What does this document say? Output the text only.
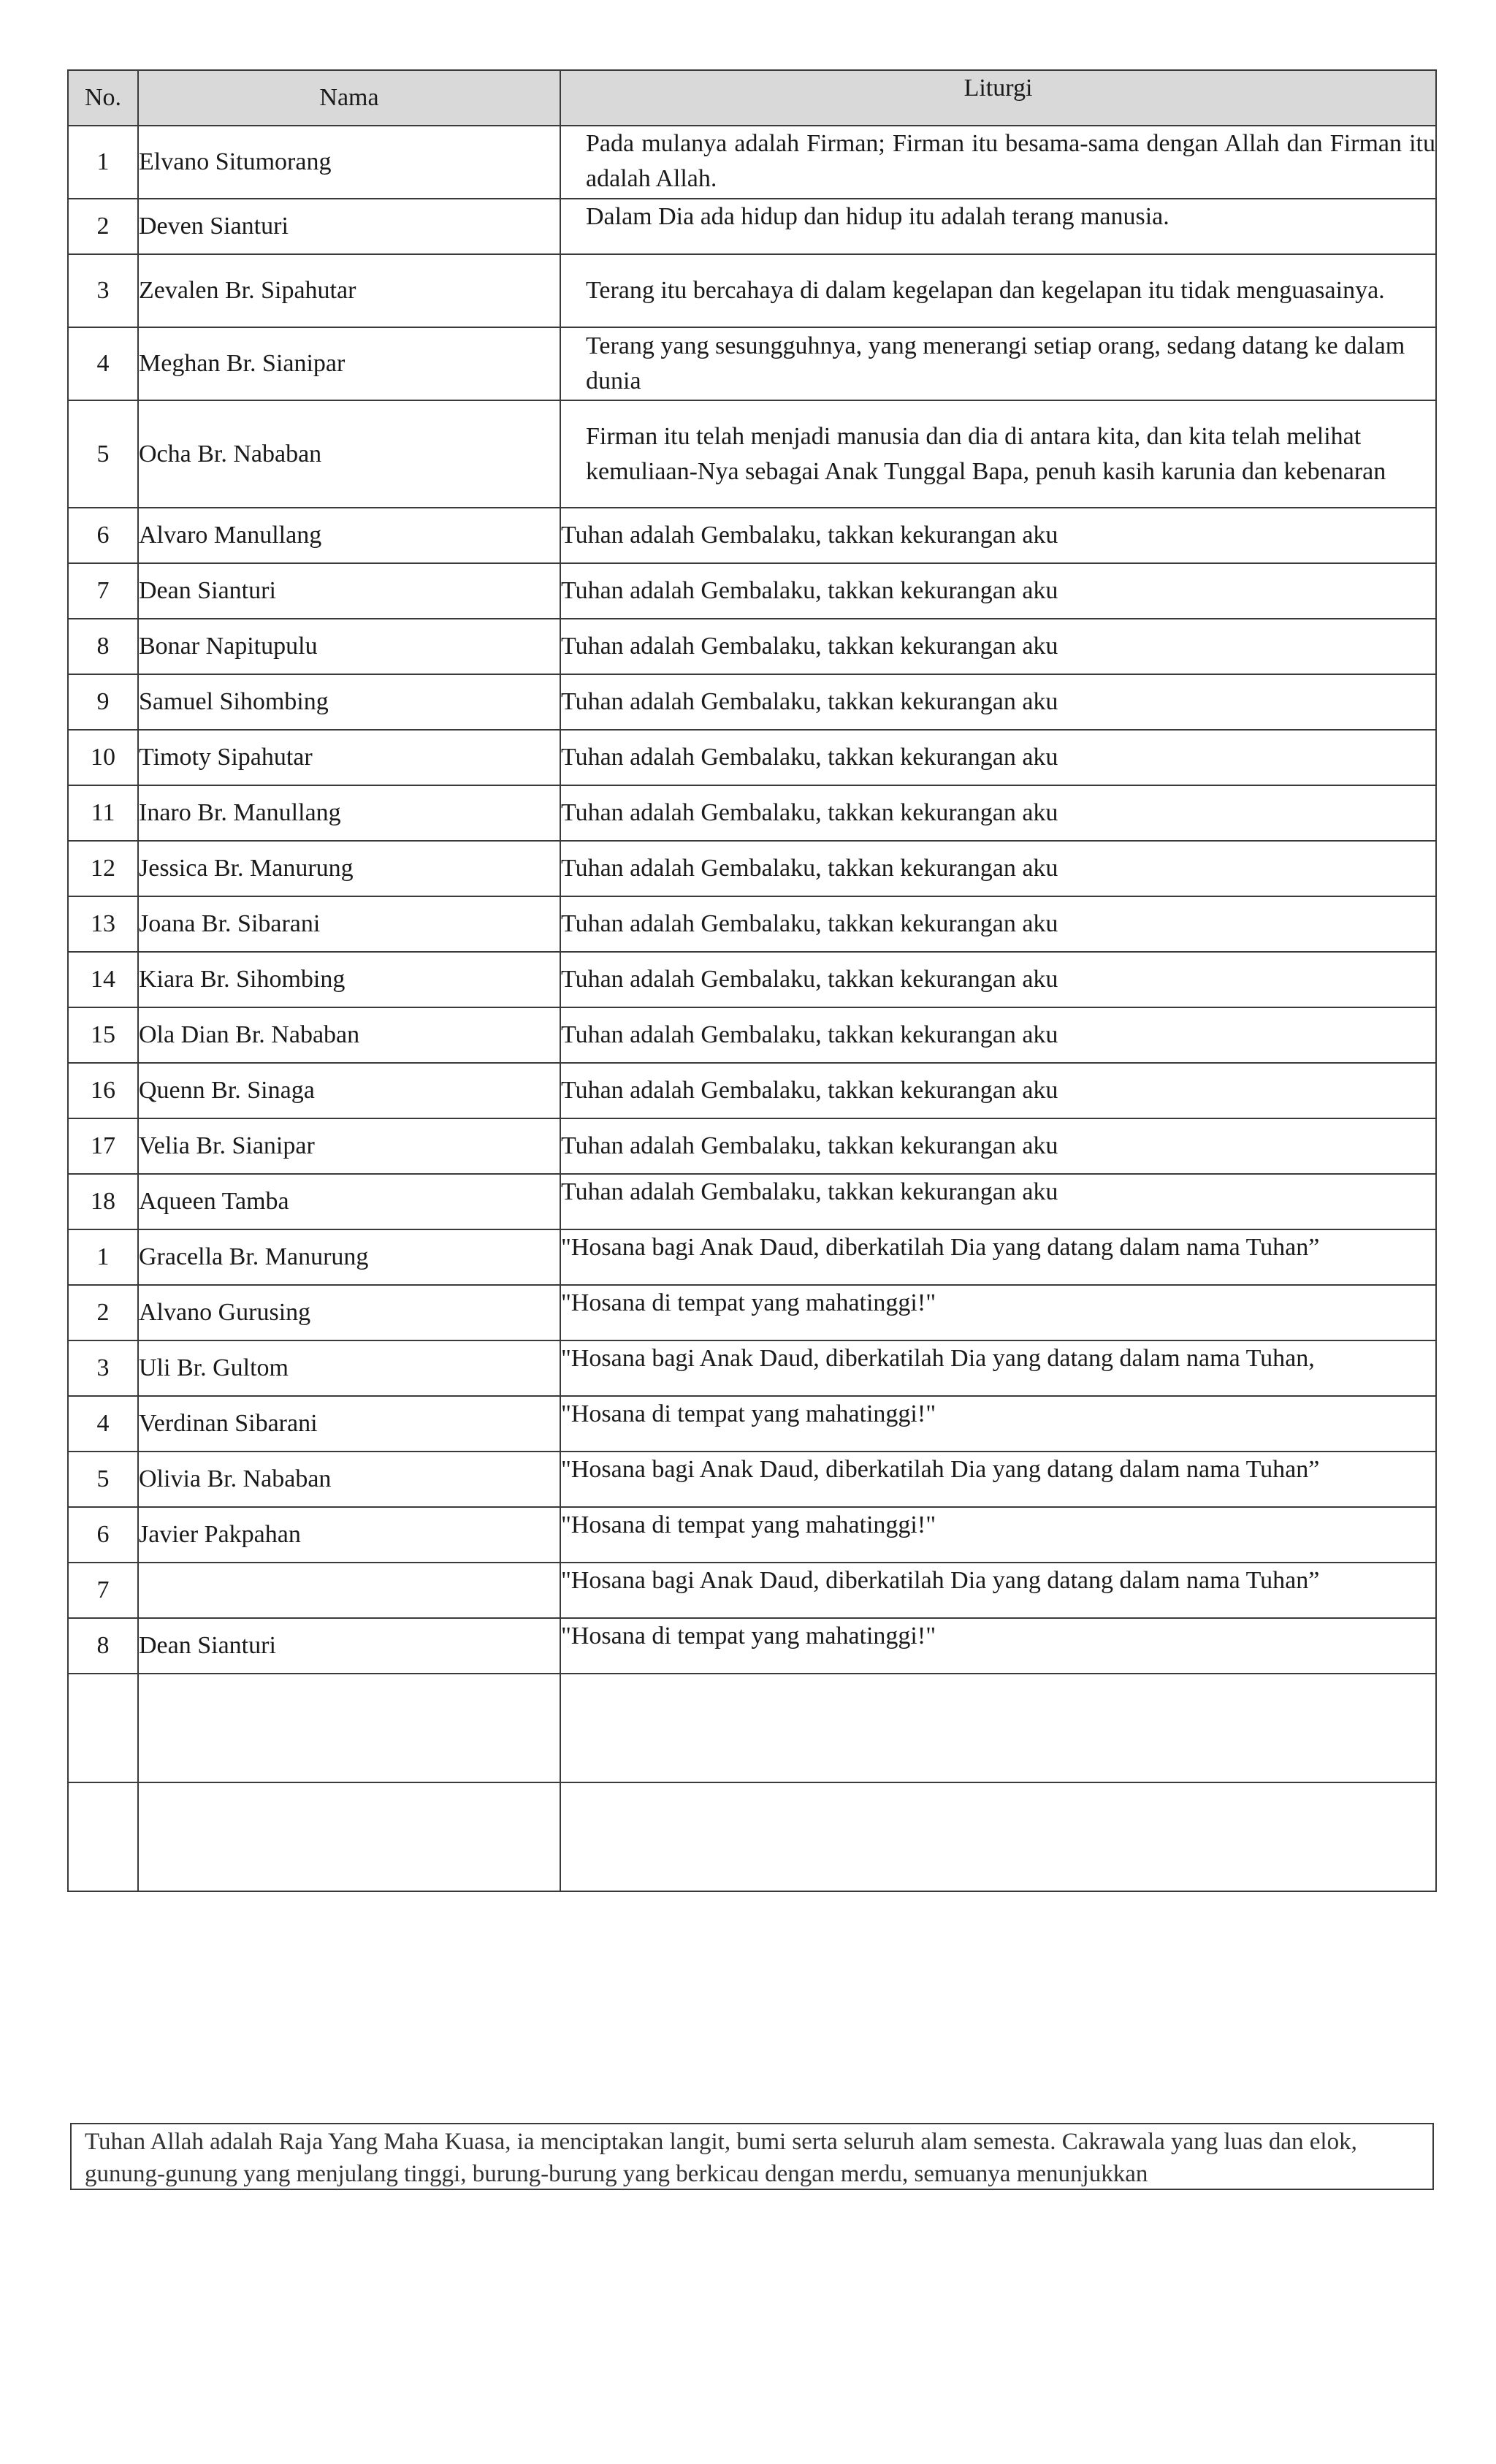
No.	Nama	Liturgi
1	Elvano Situmorang	Pada mulanya adalah Firman; Firman itu besama-sama dengan Allah dan Firman itu adalah Allah.
2	Deven Sianturi	Dalam Dia ada hidup dan hidup itu adalah terang manusia.
3	Zevalen Br. Sipahutar	Terang itu bercahaya di dalam kegelapan dan kegelapan itu tidak menguasainya.
4	Meghan Br. Sianipar	Terang yang sesungguhnya, yang menerangi setiap orang, sedang datang ke dalam dunia
5	Ocha Br. Nababan	Firman itu telah menjadi manusia dan dia di antara kita, dan kita telah melihat kemuliaan-Nya sebagai Anak Tunggal Bapa, penuh kasih karunia dan kebenaran
6	Alvaro Manullang	Tuhan adalah Gembalaku, takkan kekurangan aku
7	Dean Sianturi	Tuhan adalah Gembalaku, takkan kekurangan aku
8	Bonar Napitupulu	Tuhan adalah Gembalaku, takkan kekurangan aku
9	Samuel Sihombing	Tuhan adalah Gembalaku, takkan kekurangan aku
10	Timoty Sipahutar	Tuhan adalah Gembalaku, takkan kekurangan aku
11	Inaro Br. Manullang	Tuhan adalah Gembalaku, takkan kekurangan aku
12	Jessica Br. Manurung	Tuhan adalah Gembalaku, takkan kekurangan aku
13	Joana Br. Sibarani	Tuhan adalah Gembalaku, takkan kekurangan aku
14	Kiara Br. Sihombing	Tuhan adalah Gembalaku, takkan kekurangan aku
15	Ola Dian Br. Nababan	Tuhan adalah Gembalaku, takkan kekurangan aku
16	Quenn Br. Sinaga	Tuhan adalah Gembalaku, takkan kekurangan aku
17	Velia Br. Sianipar	Tuhan adalah Gembalaku, takkan kekurangan aku
18	Aqueen Tamba	Tuhan adalah Gembalaku, takkan kekurangan aku
1	Gracella Br. Manurung	"Hosana bagi Anak Daud, diberkatilah Dia yang datang dalam nama Tuhan”
2	Alvano Gurusing	"Hosana di tempat yang mahatinggi!"
3	Uli Br. Gultom	"Hosana bagi Anak Daud, diberkatilah Dia yang datang dalam nama Tuhan,
4	Verdinan Sibarani	"Hosana di tempat yang mahatinggi!"
5	Olivia Br. Nababan	"Hosana bagi Anak Daud, diberkatilah Dia yang datang dalam nama Tuhan”
6	Javier Pakpahan	"Hosana di tempat yang mahatinggi!"
7		"Hosana bagi Anak Daud, diberkatilah Dia yang datang dalam nama Tuhan”
8	Dean Sianturi	"Hosana di tempat yang mahatinggi!"

Tuhan Allah adalah Raja Yang Maha Kuasa, ia menciptakan langit, bumi serta seluruh alam semesta. Cakrawala yang luas dan elok, gunung-gunung yang menjulang tinggi, burung-burung yang berkicau dengan merdu, semuanya menunjukkan
